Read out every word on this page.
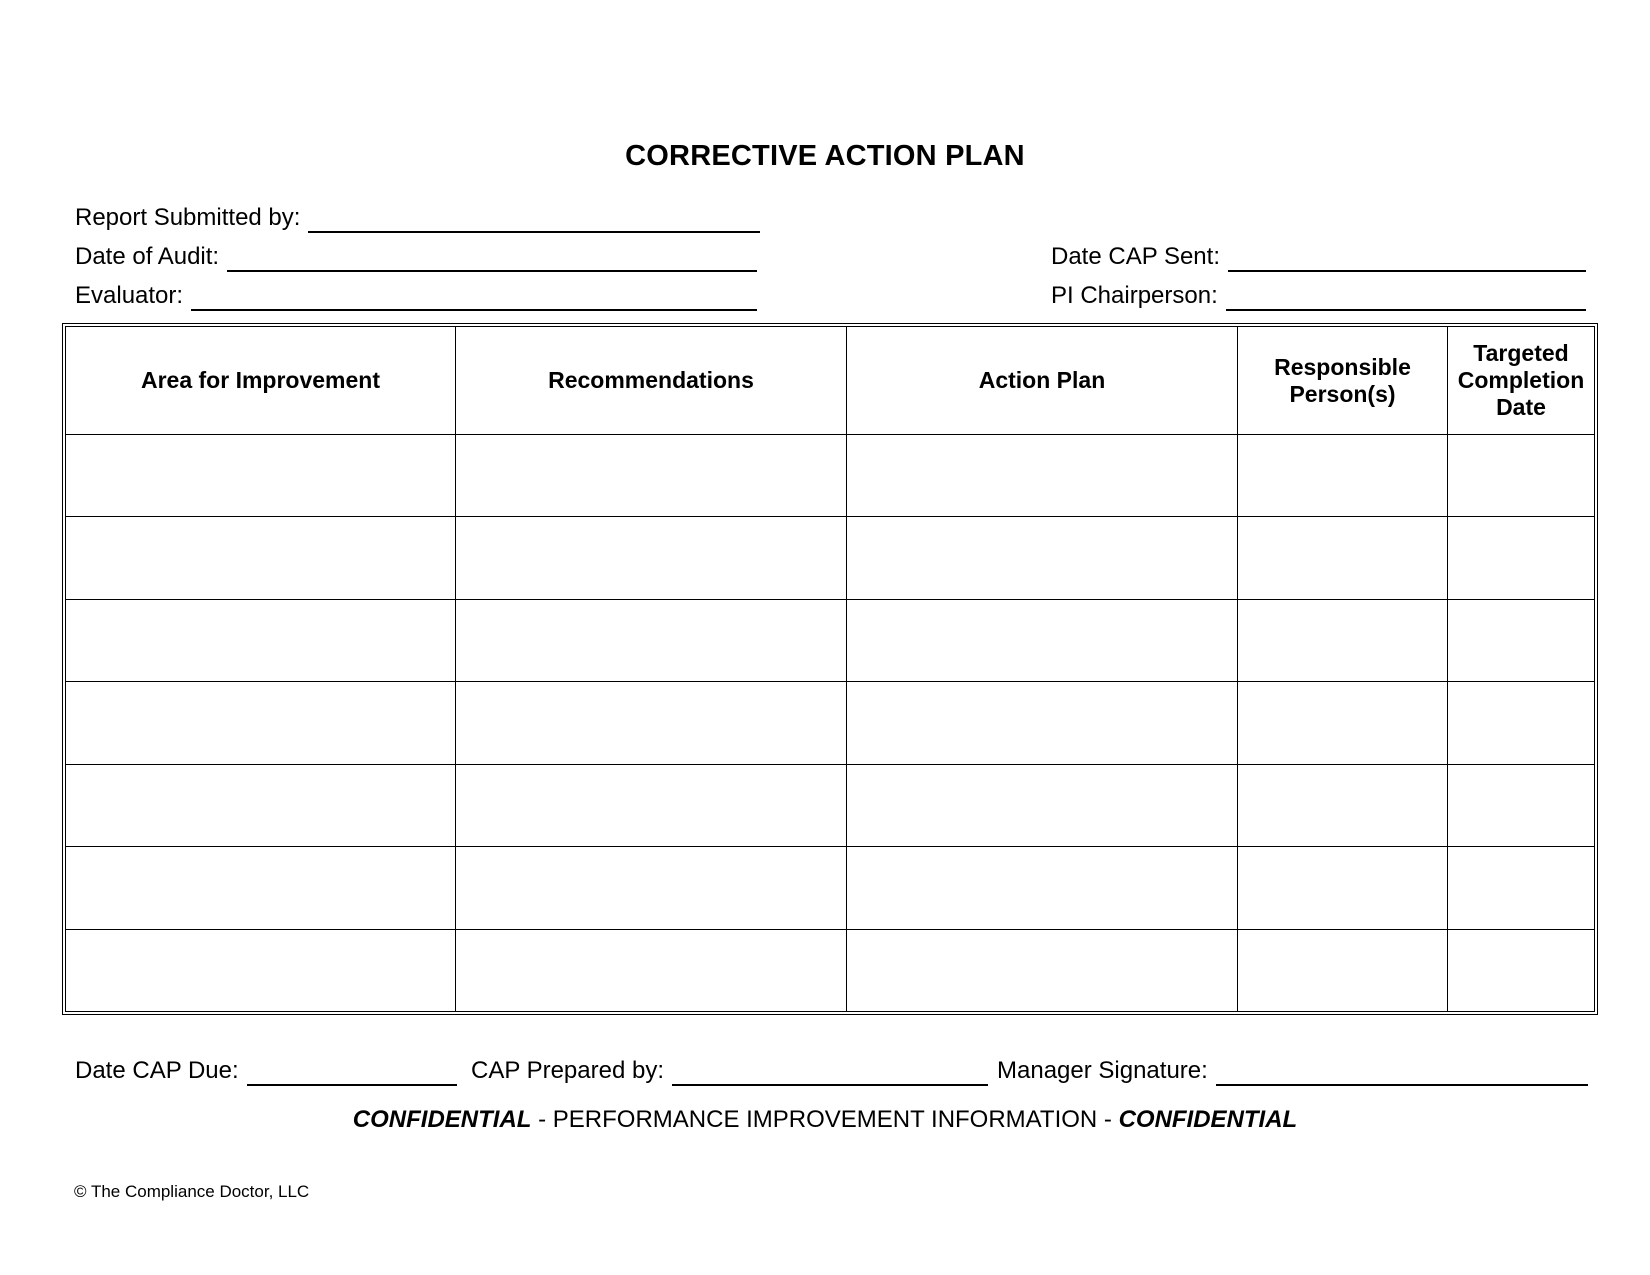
CORRECTIVE ACTION PLAN
Report Submitted by:
Date of Audit:
Evaluator:
Date CAP Sent:
PI Chairperson:
Area for Improvement	Recommendations	Action Plan	Responsible Person(s)	Targeted Completion Date

Date CAP Due:	CAP Prepared by:	Manager Signature:
CONFIDENTIAL - PERFORMANCE IMPROVEMENT INFORMATION - CONFIDENTIAL
© The Compliance Doctor, LLC
